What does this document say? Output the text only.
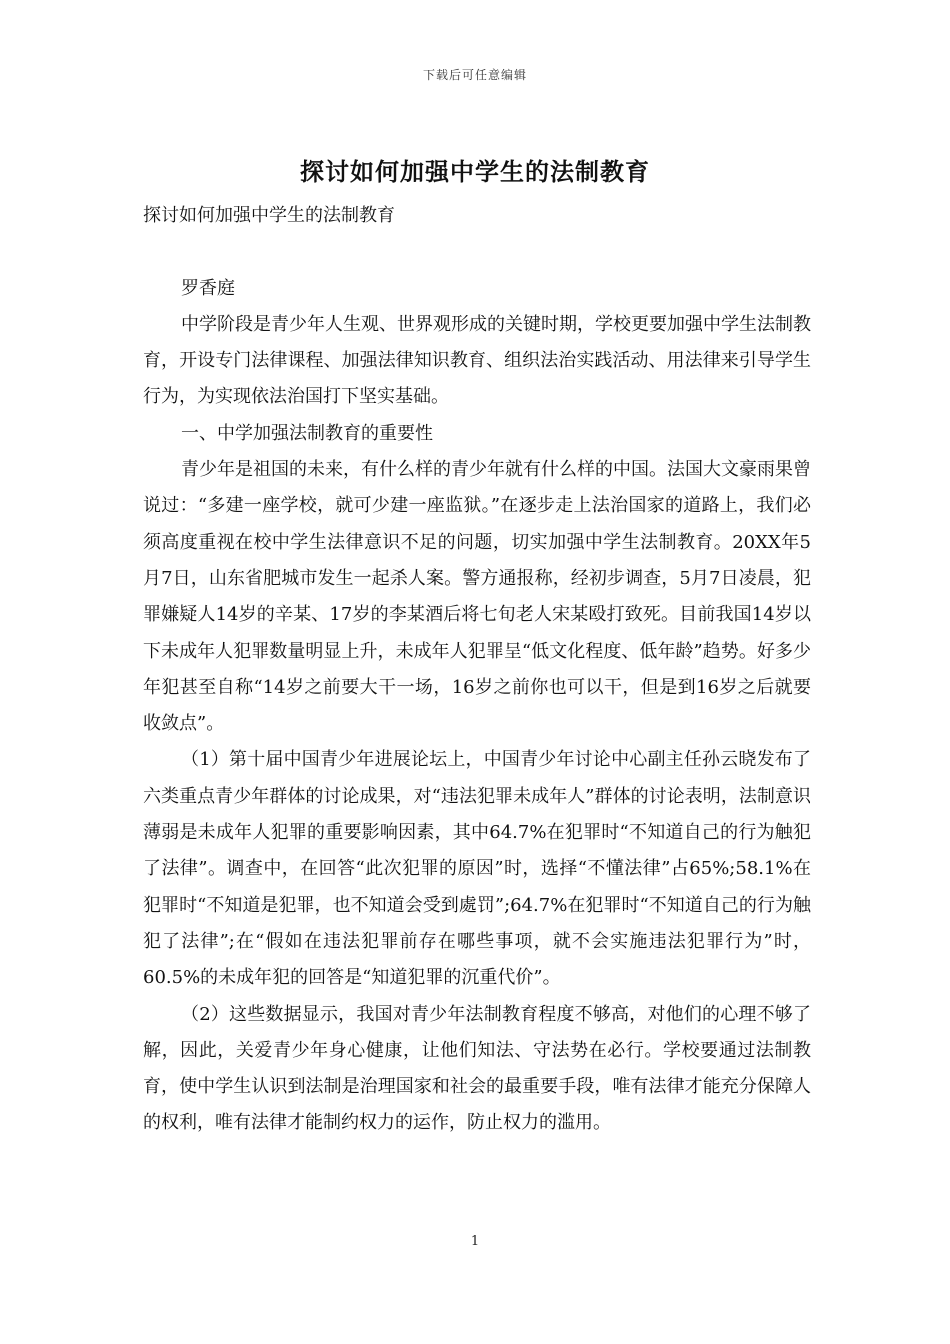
下载后可任意编辑
探讨如何加强中学生的法制教育

探讨如何加强中学生的法制教育

罗香庭

中学阶段是青少年人生观、世界观形成的关键时期，学校更要加强中学生法制教育，开设专门法律课程、加强法律知识教育、组织法治实践活动、用法律来引导学生行为，为实现依法治国打下坚实基础。

一、中学加强法制教育的重要性

青少年是祖国的未来，有什么样的青少年就有什么样的中国。法国大文豪雨果曾说过：“多建一座学校，就可少建一座监狱。”在逐步走上法治国家的道路上，我们必须高度重视在校中学生法律意识不足的问题，切实加强中学生法制教育。20XX年5月7日，山东省肥城市发生一起杀人案。警方通报称，经初步调查，5月7日凌晨，犯罪嫌疑人14岁的辛某、17岁的李某酒后将七旬老人宋某殴打致死。目前我国14岁以下未成年人犯罪数量明显上升，未成年人犯罪呈“低文化程度、低年龄”趋势。好多少年犯甚至自称“14岁之前要大干一场，16岁之前你也可以干，但是到16岁之后就要收敛点”。

（1）第十届中国青少年进展论坛上，中国青少年讨论中心副主任孙云晓发布了六类重点青少年群体的讨论成果，对“违法犯罪未成年人”群体的讨论表明，法制意识薄弱是未成年人犯罪的重要影响因素，其中64.7%在犯罪时“不知道自己的行为触犯了法律”。调查中，在回答“此次犯罪的原因”时，选择“不懂法律”占65%;58.1%在犯罪时“不知道是犯罪，也不知道会受到處罚”;64.7%在犯罪时“不知道自己的行为触犯了法律”;在“假如在违法犯罪前存在哪些事项，就不会实施违法犯罪行为”时，60.5%的未成年犯的回答是“知道犯罪的沉重代价”。

（2）这些数据显示，我国对青少年法制教育程度不够高，对他们的心理不够了解，因此，关爱青少年身心健康，让他们知法、守法势在必行。学校要通过法制教育，使中学生认识到法制是治理国家和社会的最重要手段，唯有法律才能充分保障人的权利，唯有法律才能制约权力的运作，防止权力的滥用。

1
